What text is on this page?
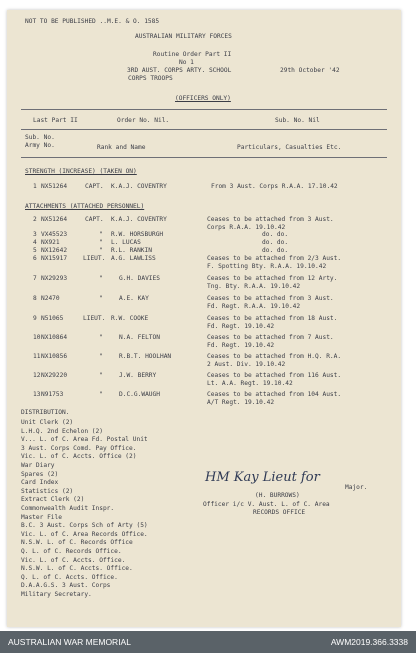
NOT TO BE PUBLISHED ..M.E. & O. 1585
AUSTRALIAN MILITARY FORCES
Routine Order Part II
No 1
3RD AUST. CORPS ARTY. SCHOOL
CORPS TROOPS
29th October '42
(OFFICERS ONLY)
Last Part II	Order No. Nil.	Sub. No. Nil
Sub. No.
Army No.	Rank and Name	Particulars, Casualties Etc.
STRENGTH (INCREASE) (TAKEN ON)
1 NX51264	CAPT. K.A.J. COVENTRY	From 3 Aust. Corps R.A.A. 17.10.42
ATTACHMENTS (ATTACHED PERSONNEL)
2 NX51264	CAPT. K.A.J. COVENTRY	Ceases to be attached from 3 Aust.
Corps R.A.A. 19.10.42
3 VX45523	" R.W. HORSBURGH	do. do.
4 NX921	" L. LUCAS	do. do.
5 NX12642	" R.L. RANKIN	do. do.
6 NX15917	LIEUT. A.G. LAWLISS	Ceases to be attached from 2/3 Aust.
F. Spotting Bty. R.A.A. 19.10.42
7 NX29293	"	G.H. DAVIES	Ceases to be attached from 12 Arty.
Tng. Bty. R.A.A. 19.10.42
8 N2470	"	A.E. KAY	Ceases to be attached from 3 Aust.
Fd. Regt. R.A.A. 19.10.42
9 N51065	LIEUT. R.W. COOKE	Ceases to be attached from 18 Aust.
Fd. Regt. 19.10.42
10 NX10864	"	N.A. FELTON	Ceases to be attached from 7 Aust.
Fd. Regt. 19.10.42
11 NX10856	"	R.B.T. HOOLHAN	Ceases to be attached from H.Q. R.A.
2 Aust. Div. 19.10.42
12 NX29220	"	J.W. BERRY	Ceases to be attached from 116 Aust.
Lt. A.A. Regt. 19.10.42
13 N91753	"	D.C.G.WAUGH	Ceases to be attached from 104 Aust.
A/T Regt. 19.10.42
DISTRIBUTION.
Unit Clerk (2)
L.H.Q. 2nd Echelon (2)
V... L. of C. Area Fd. Postal Unit
3 Aust. Corps Comd. Pay Office.
Vic. L. of C. Accts. Office (2)
War Diary
Spares (2)
Card Index
Statistics (2)
Extract Clerk (2)
Commonwealth Audit Inspr.
Master File
B.C. 3 Aust. Corps Sch of Arty (5)
Vic. L. of C. Area Records Office.
N.S.W. L. of C. Records Office
Q. L. of C. Records Office.
Vic. L. of C. Accts. Office.
N.S.W. L. of C. Accts. Office.
Q. L. of C. Accts. Office.
D.A.A.G.S. 3 Aust. Corps
Military Secretary.
HM Kay Lieut for
Major.
(H. BURROWS)
Officer i/c V. Aust. L. of C. Area
RECORDS OFFICE
AUSTRALIAN WAR MEMORIAL	AWM2019.366.3338
